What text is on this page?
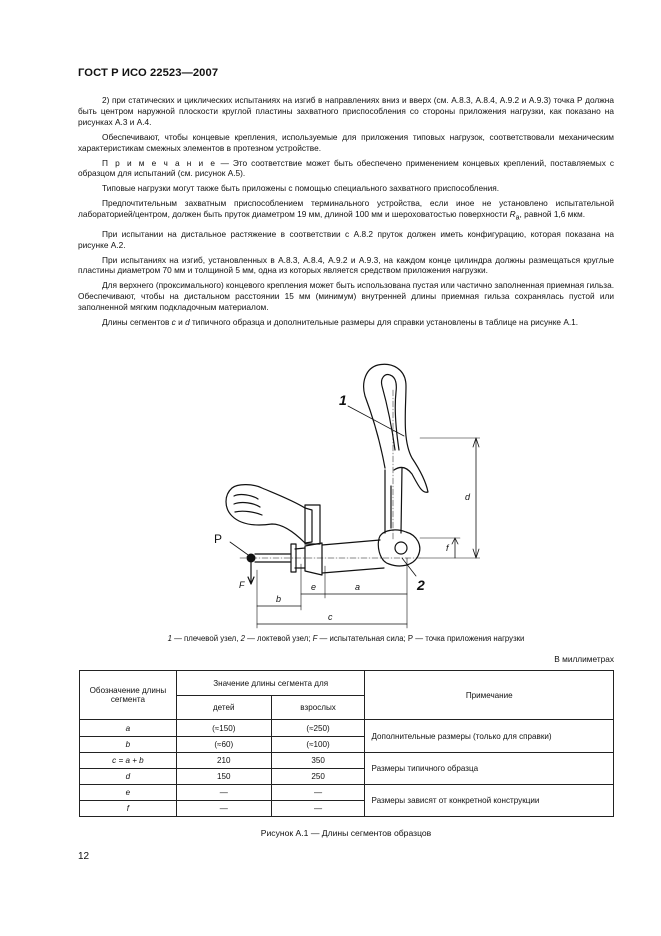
ГОСТ Р ИСО 22523—2007

2) при статических и циклических испытаниях на изгиб в направлениях вниз и вверх (см. А.8.3, А.8.4, А.9.2 и А.9.3) точка Р должна быть центром наружной плоскости круглой пластины захватного приспособления со стороны приложения нагрузки, как показано на рисунках А.3 и А.4.

Обеспечивают, чтобы концевые крепления, используемые для приложения типовых нагрузок, соответствовали механическим характеристикам смежных элементов в протезном устройстве.

П р и м е ч а н и е — Это соответствие может быть обеспечено применением концевых креплений, поставляемых с образцом для испытаний (см. рисунок А.5).

Типовые нагрузки могут также быть приложены с помощью специального захватного приспособления.

Предпочтительным захватным приспособлением терминального устройства, если иное не установлено испытательной лабораторией/центром, должен быть пруток диаметром 19 мм, длиной 100 мм и шероховатостью поверхности $R_a$, равной 1,6 мкм.

При испытании на дистальное растяжение в соответствии с А.8.2 пруток должен иметь конфигурацию, которая показана на рисунке А.2.

При испытаниях на изгиб, установленных в А.8.3, А.8.4, А.9.2 и А.9.3, на каждом конце цилиндра должны размещаться круглые пластины диаметром 70 мм и толщиной 5 мм, одна из которых является средством приложения нагрузки.

Для верхнего (проксимального) концевого крепления может быть использована пустая или частично заполненная приемная гильза. Обеспечивают, чтобы на дистальном расстоянии 15 мм (минимум) внутренней длины приемная гильза сохранялась пустой или заполненной мягким подкладочным материалом.

Длины сегментов c и d типичного образца и дополнительные размеры для справки установлены в таблице на рисунке А.1.

1
2
P
F	e	a
b
c
d
f
1 — плечевой узел, 2 — локтевой узел; F — испытательная сила; Р — точка приложения нагрузки
В миллиметрах
Обозначение длины сегмента	Значение длины сегмента для		Примечание
	детей	взрослых	
a	(≈150)	(≈250)	Дополнительные размеры (только для справки)
b	(≈60)	(≈100)	
c = a + b	210	350	Размеры типичного образца
d	150	250	
e	—	—	Размеры зависят от конкретной конструкции
f	—	—	
Рисунок А.1 — Длины сегментов образцов
12
